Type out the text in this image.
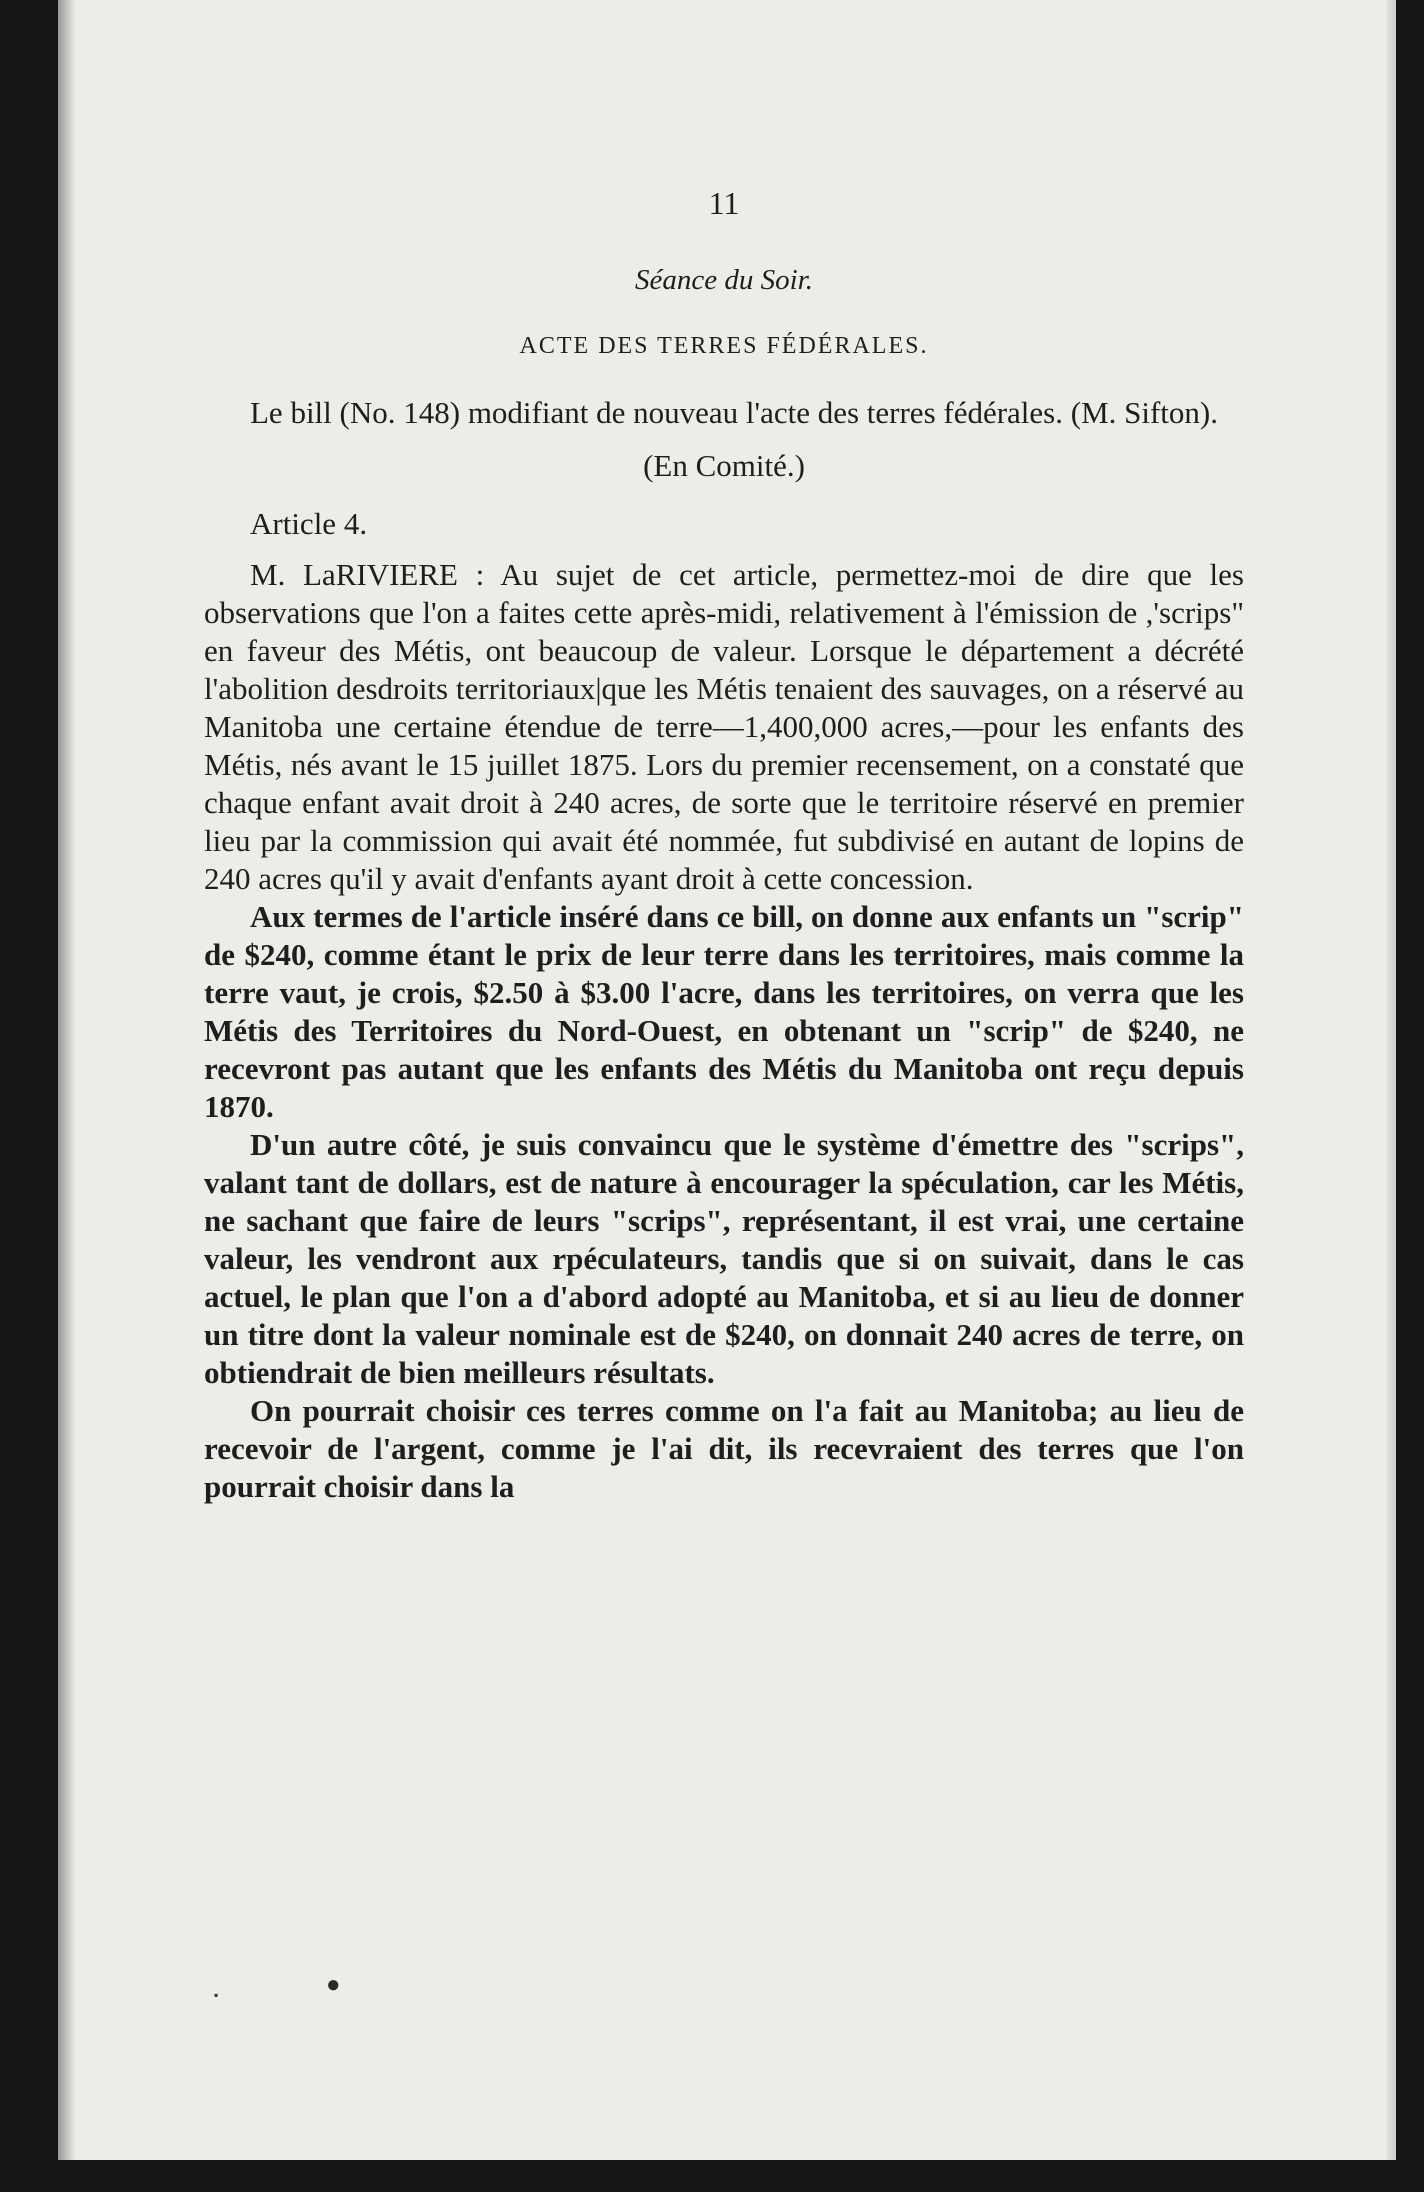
11
Séance du Soir.
ACTE DES TERRES FÉDÉRALES.

Le bill (No. 148) modifiant de nouveau l'acte des terres fédérales. (M. Sifton).

(En Comité.)
Article 4.

M. LaRIVIERE : Au sujet de cet article, permettez-moi de dire que les observations que l'on a faites cette après-midi, relativement à l'émission de ,'scrips" en faveur des Métis, ont beaucoup de valeur. Lorsque le département a décrété l'abolition desdroits territoriaux|que les Métis tenaient des sauvages, on a réservé au Manitoba une certaine étendue de terre—1,400,000 acres,—pour les enfants des Métis, nés avant le 15 juillet 1875. Lors du premier recensement, on a constaté que chaque enfant avait droit à 240 acres, de sorte que le territoire réservé en premier lieu par la commission qui avait été nommée, fut subdivisé en autant de lopins de 240 acres qu'il y avait d'enfants ayant droit à cette concession.

Aux termes de l'article inséré dans ce bill, on donne aux enfants un "scrip" de $240, comme étant le prix de leur terre dans les territoires, mais comme la terre vaut, je crois, $2.50 à $3.00 l'acre, dans les territoires, on verra que les Métis des Territoires du Nord-Ouest, en obtenant un "scrip" de $240, ne recevront pas autant que les enfants des Métis du Manitoba ont reçu depuis 1870.

D'un autre côté, je suis convaincu que le système d'émettre des "scrips", valant tant de dollars, est de nature à encourager la spéculation, car les Métis, ne sachant que faire de leurs "scrips", représentant, il est vrai, une certaine valeur, les vendront aux rpéculateurs, tandis que si on suivait, dans le cas actuel, le plan que l'on a d'abord adopté au Manitoba, et si au lieu de donner un titre dont la valeur nominale est de $240, on donnait 240 acres de terre, on obtiendrait de bien meilleurs résultats.

On pourrait choisir ces terres comme on l'a fait au Manitoba; au lieu de recevoir de l'argent, comme je l'ai dit, ils recevraient des terres que l'on pourrait choisir dans la

●
▪
